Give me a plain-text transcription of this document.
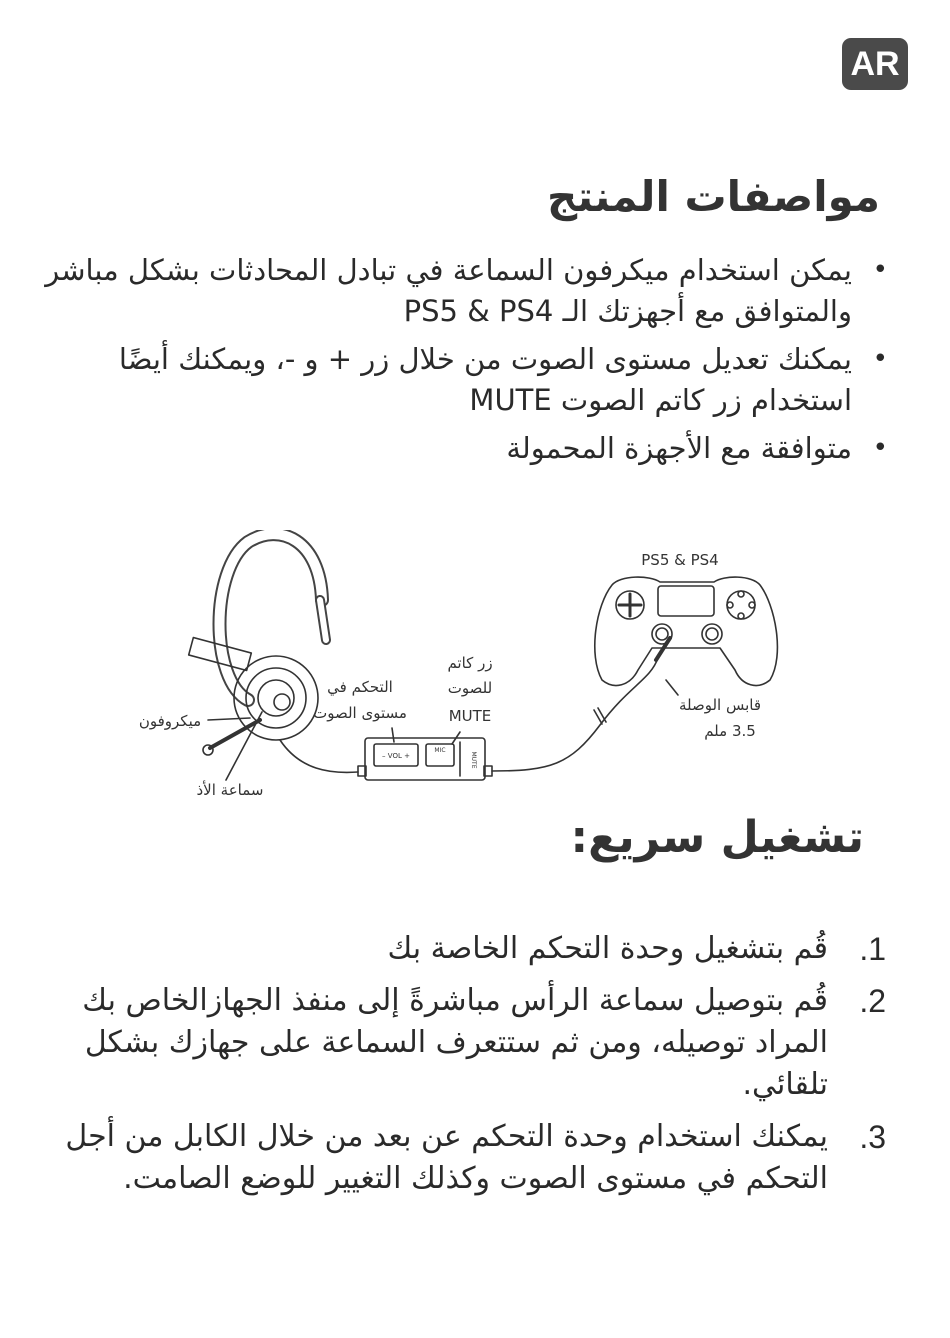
AR
مواصفات المنتج
•
يمكن استخدام ميكرفون السماعة في تبادل المحادثات بشكل مباشر والمتوافق مع أجهزتك الـ PS5 & PS4
•
يمكنك تعديل مستوى الصوت من خلال زر + و -، ويمكنك أيضًا استخدام زر كاتم الصوت MUTE
•
متوافقة مع الأجهزة المحمولة
PS5 & PS4
زر كاتم
للصوت
MUTE
التحكم في
مستوى الصوت	قابس الوصلة
3.5 ملم
ميكروفون
سماعة الأذ
– VOL +
MIC
MUTE
تشغيل سريع:
1.
قُم بتشغيل وحدة التحكم الخاصة بك
2.
قُم بتوصيل سماعة الرأس مباشرةً إلى منفذ الجهازالخاص بك المراد توصيله، ومن ثم ستتعرف السماعة على جهازك بشكل تلقائي.
3.
يمكنك استخدام وحدة التحكم عن بعد من خلال الكابل من أجل التحكم في مستوى الصوت وكذلك التغيير للوضع الصامت.
